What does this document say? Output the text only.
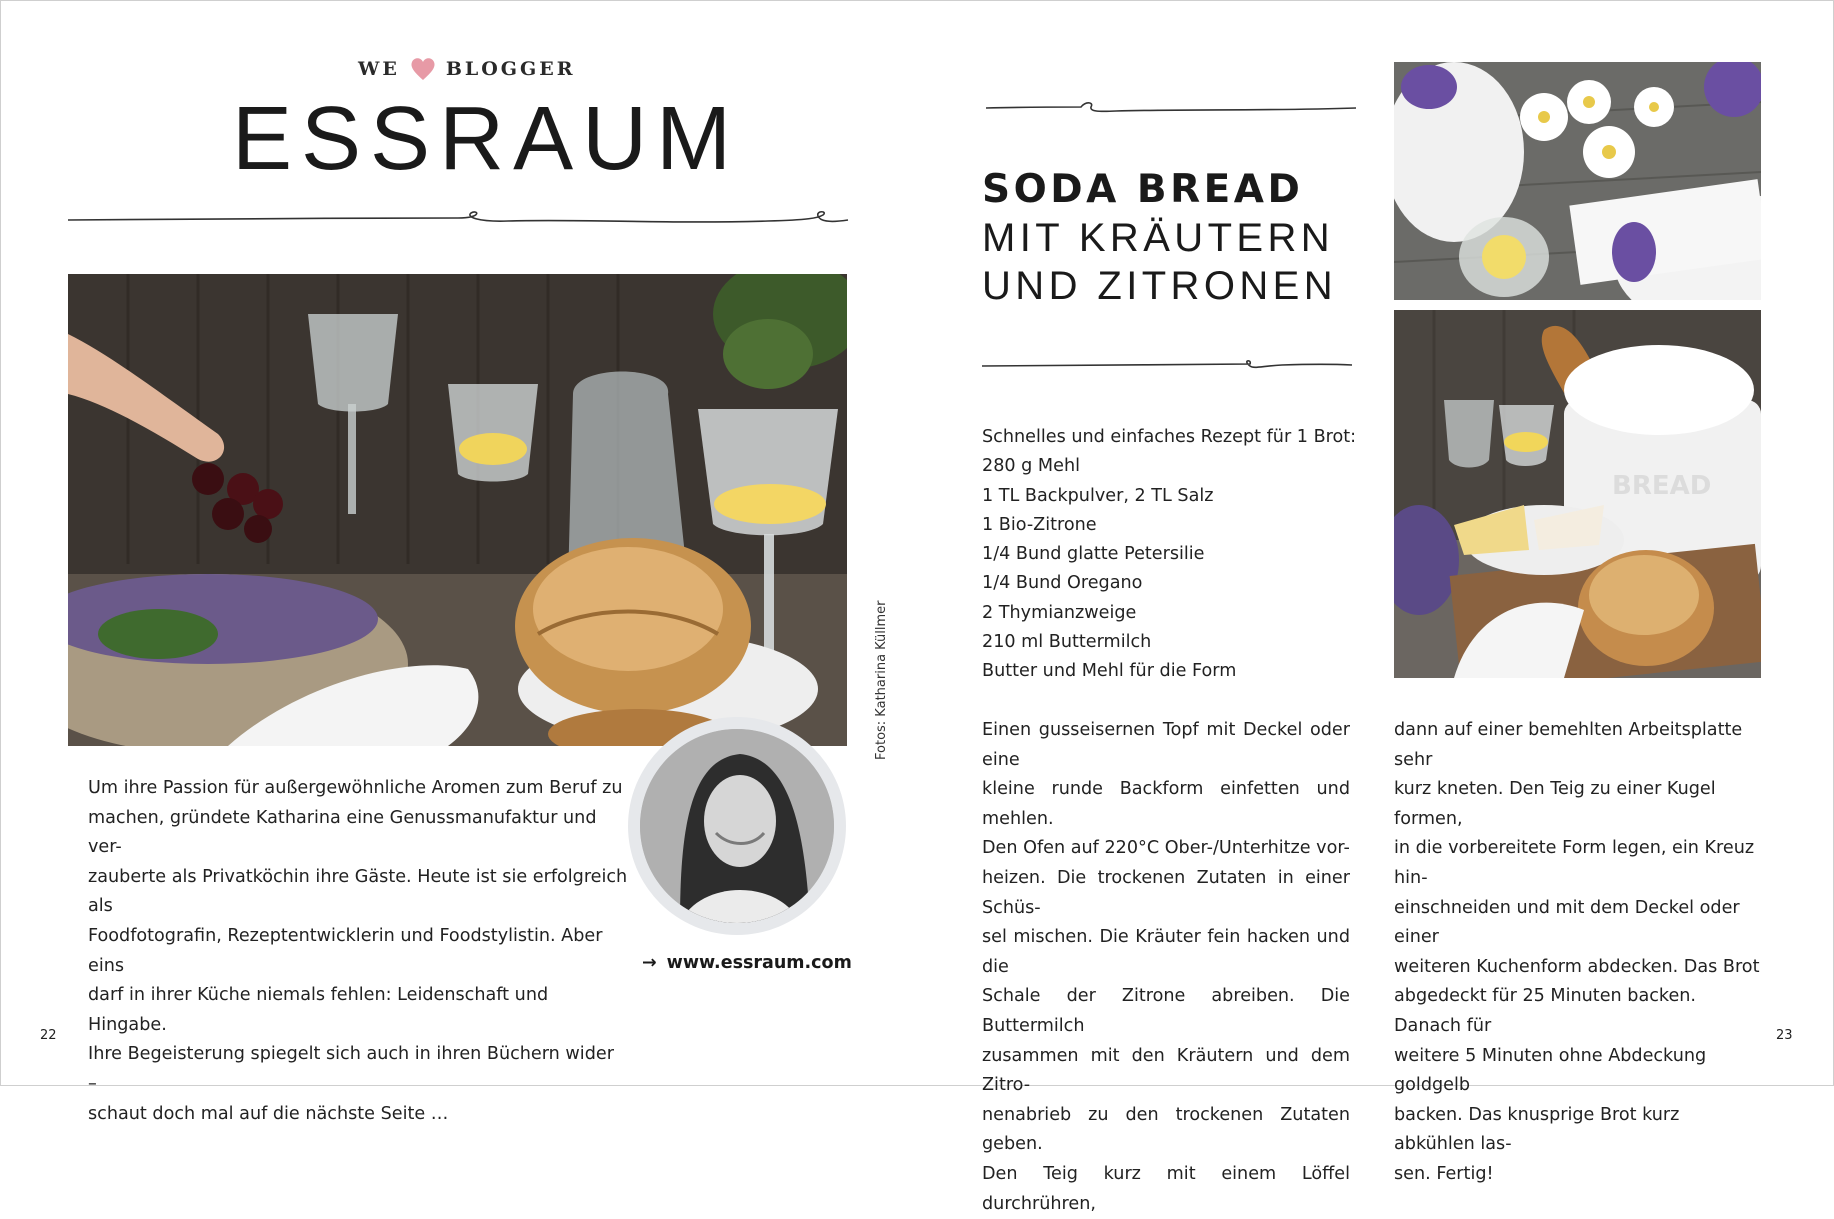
WE BLOGGER
ESSRAUM
Fotos: Katharina Küllmer

Um ihre Passion für außergewöhnliche Aromen zum Beruf zu

machen, gründete Katharina eine Genussmanufaktur und ver-

zauberte als Privatköchin ihre Gäste. Heute ist sie erfolgreich als

Foodfotografin, Rezeptentwicklerin und Foodstylistin. Aber eins

darf in ihrer Küche niemals fehlen: Leidenschaft und Hingabe.

Ihre Begeisterung spiegelt sich auch in ihren Büchern wider –

schaut doch mal auf die nächste Seite …

→ www.essraum.com
22
SODA BREAD
MIT KRÄUTERN
UND ZITRONEN
Schnelles und einfaches Rezept für 1 Brot:
280 g Mehl
1 TL Backpulver, 2 TL Salz
1 Bio-Zitrone
1/4 Bund glatte Petersilie
1/4 Bund Oregano
2 Thymianzweige
210 ml Buttermilch
Butter und Mehl für die Form

Einen gusseisernen Topf mit Deckel oder eine

kleine runde Backform einfetten und mehlen.

Den Ofen auf 220°C Ober-/Unterhitze vor-

heizen. Die trockenen Zutaten in einer Schüs-

sel mischen. Die Kräuter fein hacken und die

Schale der Zitrone abreiben. Die Buttermilch

zusammen mit den Kräutern und dem Zitro-

nenabrieb zu den trockenen Zutaten geben.

Den Teig kurz mit einem Löffel durchrühren,

dann auf einer bemehlten Arbeitsplatte sehr

kurz kneten. Den Teig zu einer Kugel formen,

in die vorbereitete Form legen, ein Kreuz hin-

einschneiden und mit dem Deckel oder einer

weiteren Kuchenform abdecken. Das Brot

abgedeckt für 25 Minuten backen. Danach für

weitere 5 Minuten ohne Abdeckung goldgelb

backen. Das knusprige Brot kurz abkühlen las-

sen. Fertig!

BREAD
23
